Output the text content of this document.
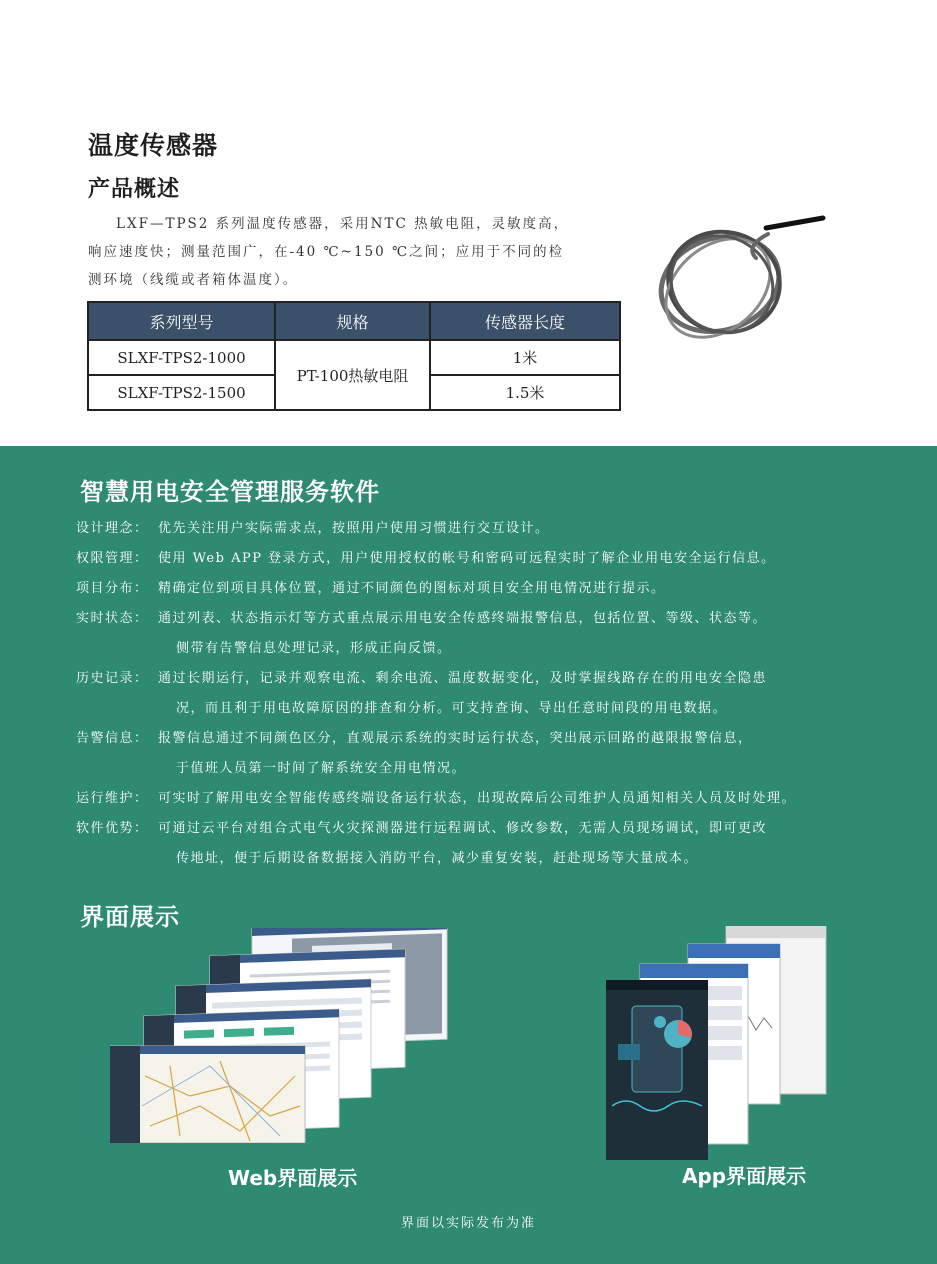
温度传感器
产品概述

LXF—TPS2 系列温度传感器，采用NTC 热敏电阻，灵敏度高，

响应速度快；测量范围广，在-40 ℃~150 ℃之间；应用于不同的检
测环境（线缆或者箱体温度）。
系列型号	规格	传感器长度
SLXF-TPS2-1000	PT-100热敏电阻	1米
SLXF-TPS2-1500		1.5米
智慧用电安全管理服务软件
设计理念： 优先关注用户实际需求点，按照用户使用习惯进行交互设计。
权限管理： 使用 Web APP 登录方式，用户使用授权的帐号和密码可远程实时了解企业用电安全运行信息。
项目分布： 精确定位到项目具体位置，通过不同颜色的图标对项目安全用电情况进行提示。
实时状态： 通过列表、状态指示灯等方式重点展示用电安全传感终端报警信息，包括位置、等级、状态等。
侧带有告警信息处理记录，形成正向反馈。
历史记录： 通过长期运行，记录并观察电流、剩余电流、温度数据变化，及时掌握线路存在的用电安全隐患
况，而且利于用电故障原因的排查和分析。可支持查询、导出任意时间段的用电数据。
告警信息： 报警信息通过不同颜色区分，直观展示系统的实时运行状态，突出展示回路的越限报警信息，
于值班人员第一时间了解系统安全用电情况。
运行维护： 可实时了解用电安全智能传感终端设备运行状态，出现故障后公司维护人员通知相关人员及时处理。
软件优势： 可通过云平台对组合式电气火灾探测器进行远程调试、修改参数，无需人员现场调试，即可更改
传地址，便于后期设备数据接入消防平台，减少重复安装，赶赴现场等大量成本。
界面展示
Web界面展示	App界面展示
界面以实际发布为准
